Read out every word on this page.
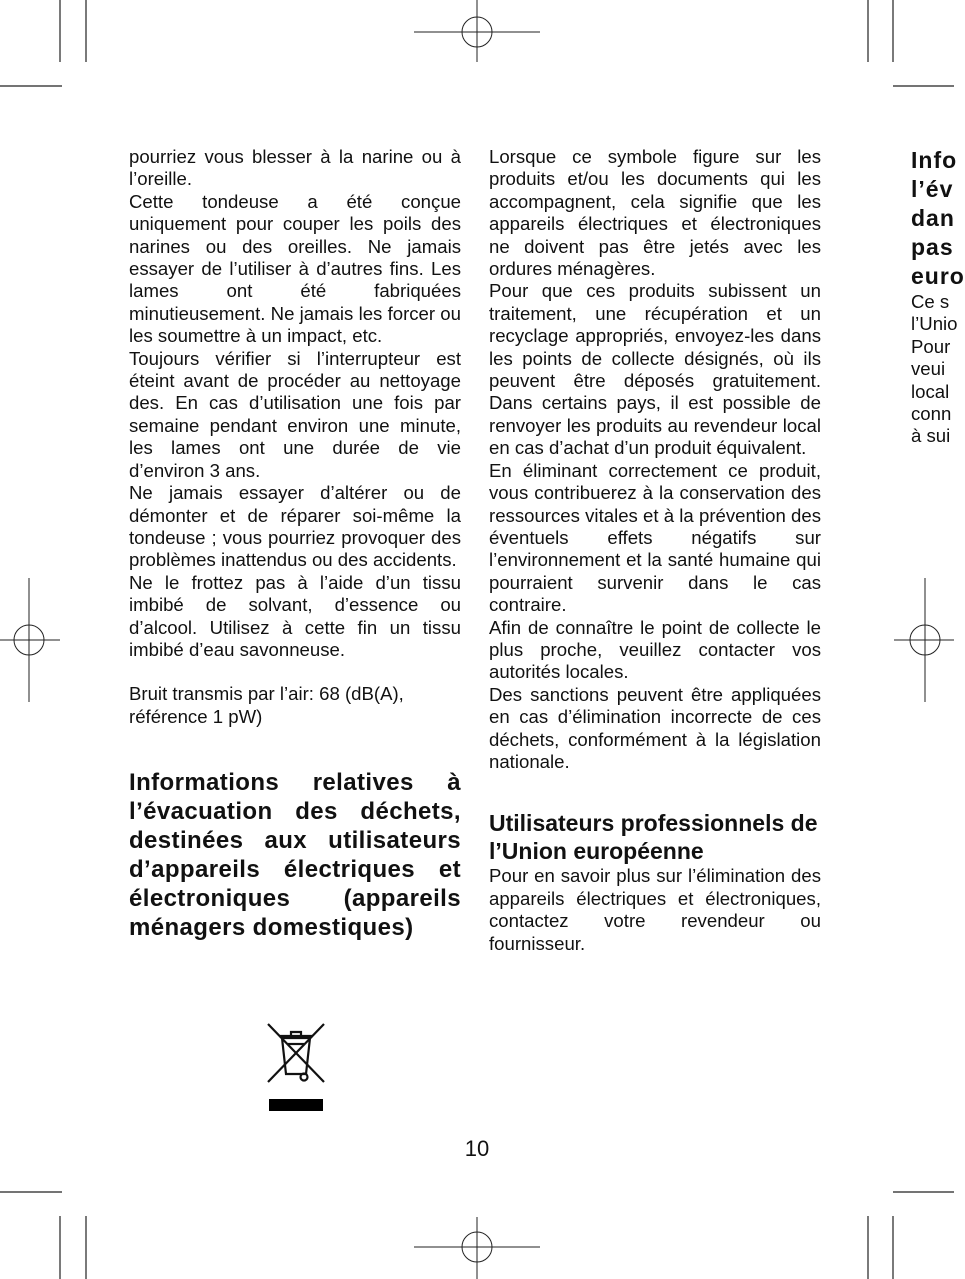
pourriez vous blesser à la narine ou à l’oreille.

Cette tondeuse a été conçue uniquement pour couper les poils des narines ou des oreilles. Ne jamais essayer de l’utiliser à d’autres fins. Les lames ont été fabriquées minutieusement. Ne jamais les forcer ou les soumettre à un impact, etc.

Toujours vérifier si l’interrupteur est éteint avant de procéder au nettoyage des. En cas d’utilisation une fois par semaine pendant environ une minute, les lames ont une durée de vie d’environ 3 ans.

Ne jamais essayer d’altérer ou de démonter et de réparer soi-même la tondeuse ; vous pourriez provoquer des problèmes inattendus ou des accidents.

Ne le frottez pas à l’aide d’un tissu imbibé de solvant, d’essence ou d’alcool. Utilisez à cette fin un tissu imbibé d’eau savonneuse.

Bruit transmis par l’air: 68 (dB(A), référence 1 pW)

Informations relatives à l’évacuation des déchets, destinées aux utilisateurs d’appareils électriques et électroniques (appareils ménagers domestiques)

Lorsque ce symbole figure sur les produits et/ou les documents qui les accompagnent, cela signifie que les appareils électriques et électroniques ne doivent pas être jetés avec les ordures ménagères.

Pour que ces produits subissent un traitement, une récupération et un recyclage appropriés, envoyez-les dans les points de collecte désignés, où ils peuvent être déposés gratuitement. Dans certains pays, il est possible de renvoyer les produits au revendeur local en cas d’achat d’un produit équivalent.

En éliminant correctement ce produit, vous contribuerez à la conservation des ressources vitales et à la prévention des éventuels effets négatifs sur l’environnement et la santé humaine qui pourraient survenir dans le cas contraire.

Afin de connaître le point de collecte le plus proche, veuillez contacter vos autorités locales.

Des sanctions peuvent être appliquées en cas d’élimination incorrecte de ces déchets, conformément à la législation nationale.

Utilisateurs professionnels de l’Union européenne

Pour en savoir plus sur l’élimination des appareils électriques et électroniques, contactez votre revendeur ou fournisseur.

Info
l’év
dan
pas
euro
Ce s
l’Unio
Pour
veui
local
conn
à sui
10
